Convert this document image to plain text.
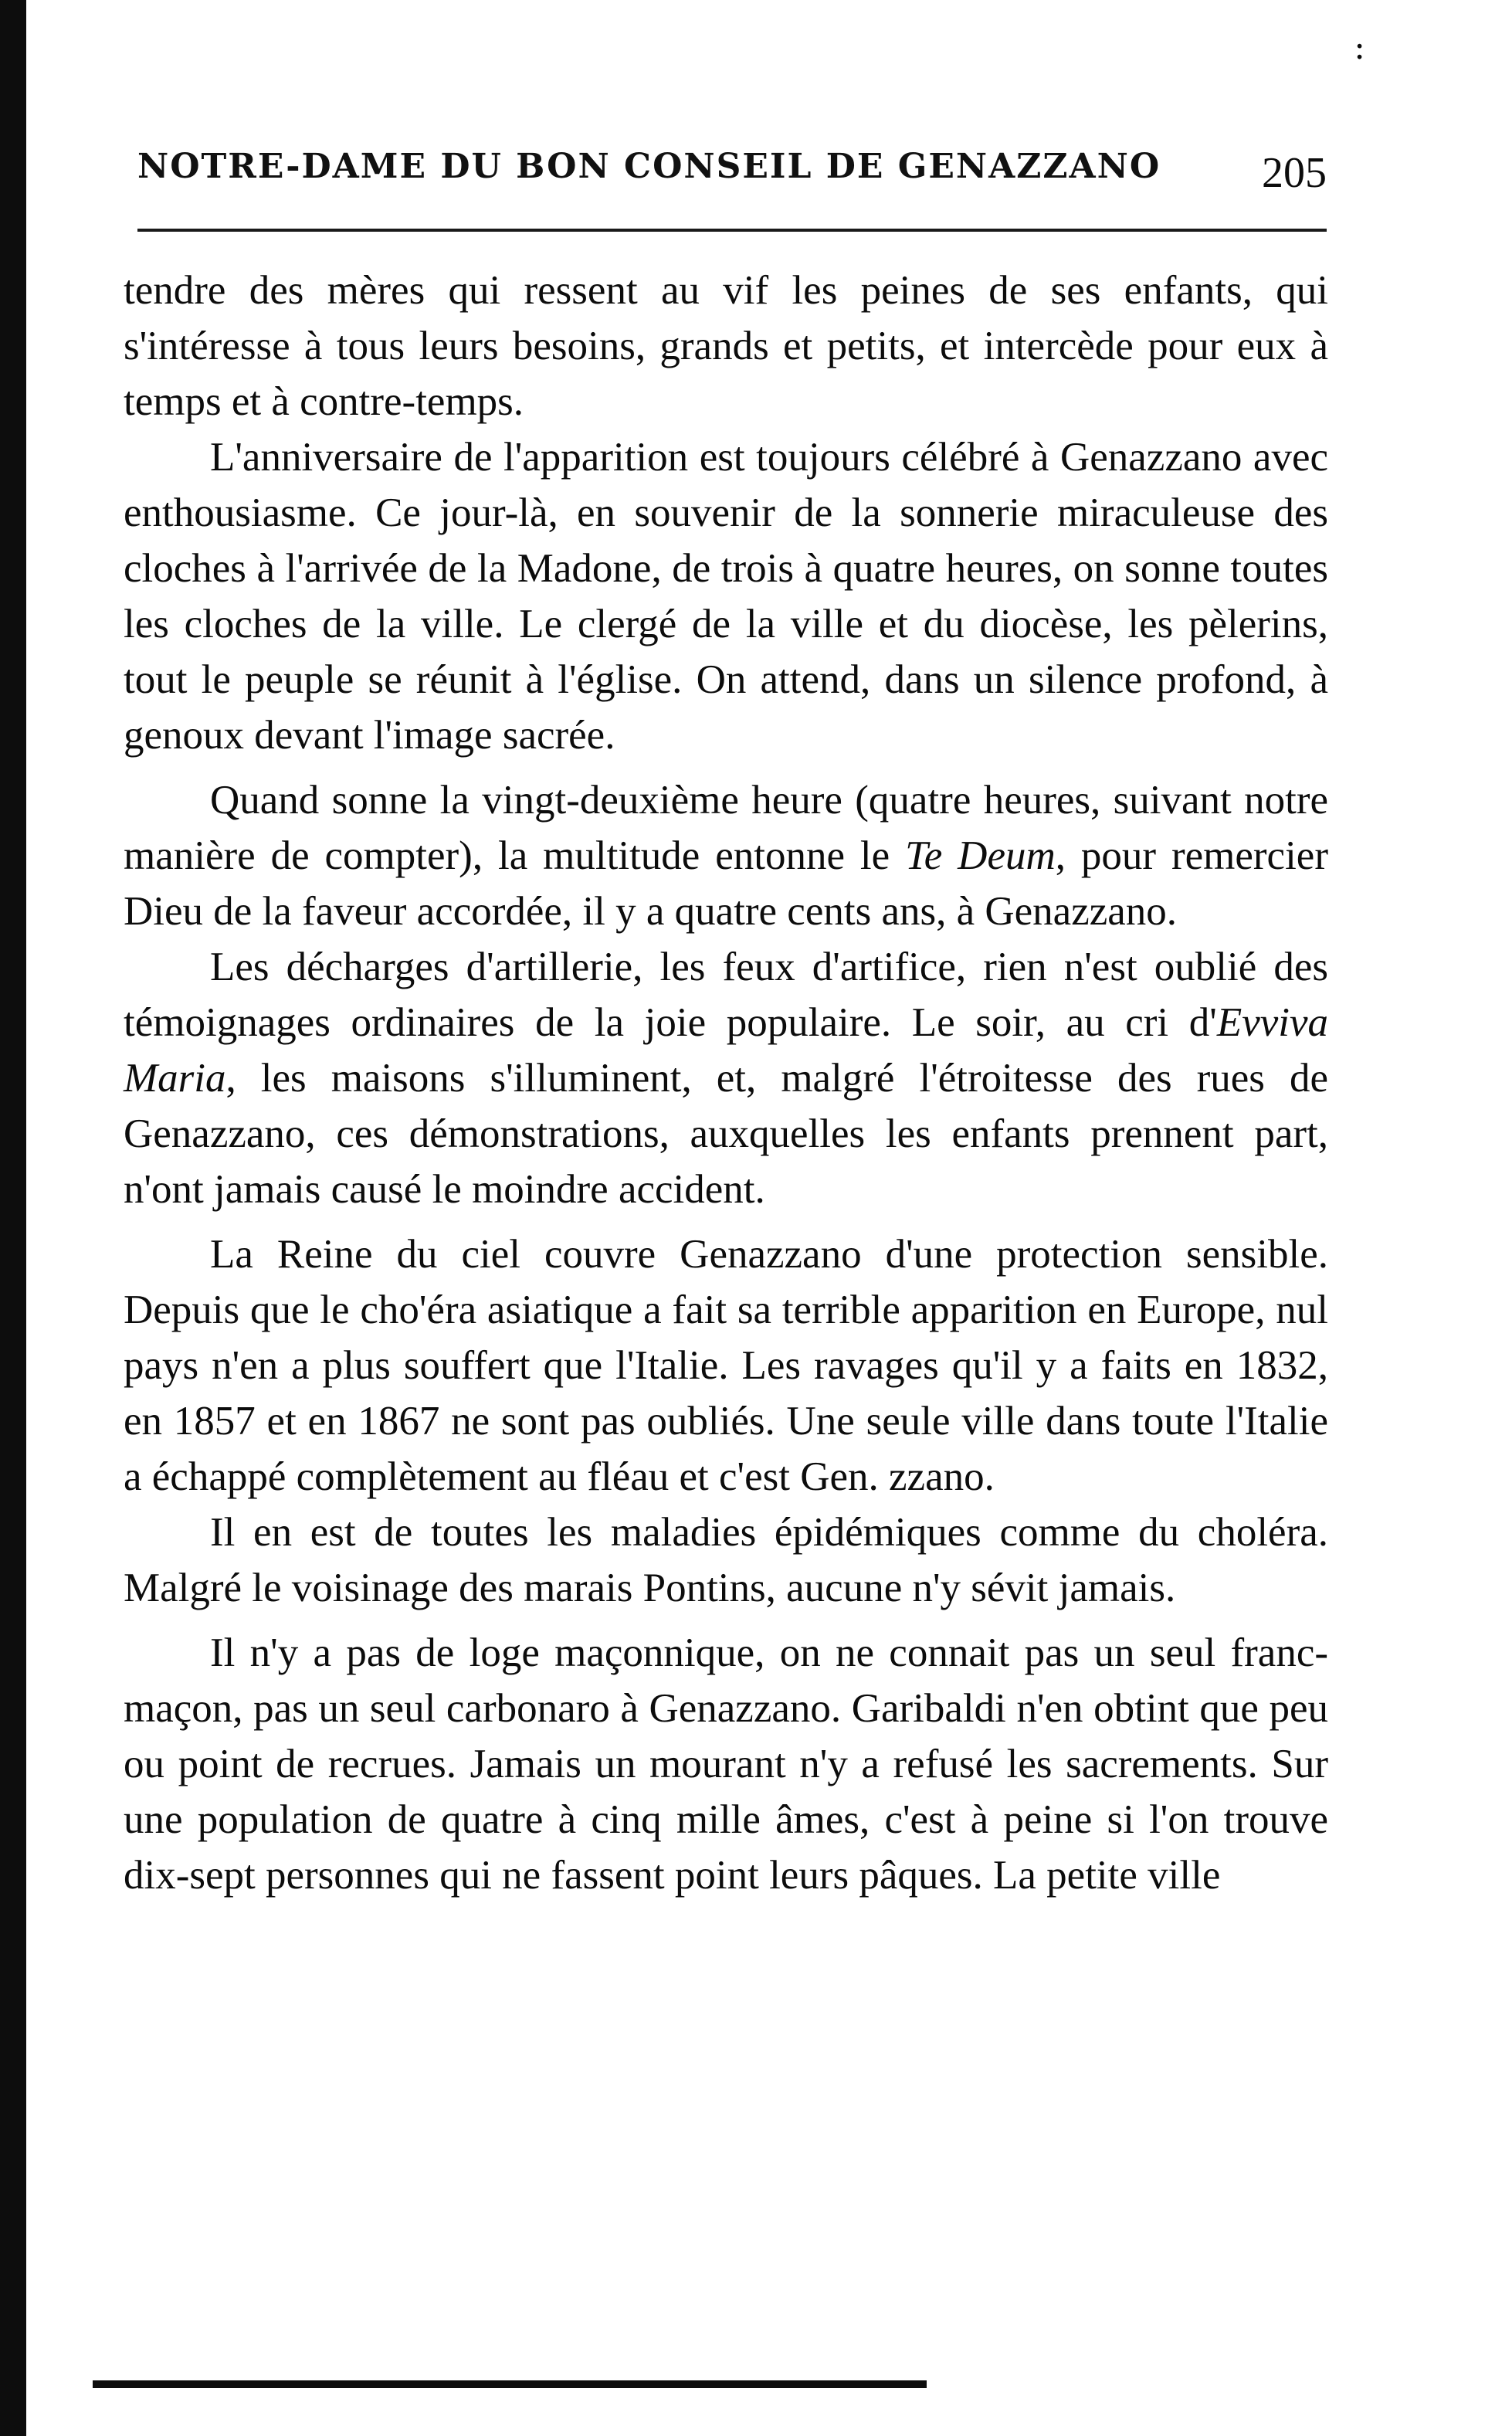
:
NOTRE-DAME DU BON CONSEIL DE GENAZZANO	205

tendre des mères qui ressent au vif les peines de ses enfants, qui s'intéresse à tous leurs besoins, grands et petits, et intercède pour eux à temps et à contre-temps.

L'anniversaire de l'apparition est toujours célébré à Genazzano avec enthousiasme. Ce jour-là, en souvenir de la sonnerie miraculeuse des cloches à l'arrivée de la Madone, de trois à quatre heures, on sonne toutes les cloches de la ville. Le clergé de la ville et du diocèse, les pèlerins, tout le peuple se réunit à l'église. On attend, dans un silence profond, à genoux devant l'image sacrée.

Quand sonne la vingt-deuxième heure (quatre heures, suivant notre manière de compter), la multitude entonne le Te Deum, pour remercier Dieu de la faveur accordée, il y a quatre cents ans, à Genazzano.

Les décharges d'artillerie, les feux d'artifice, rien n'est oublié des témoignages ordinaires de la joie populaire. Le soir, au cri d'Evviva Maria, les maisons s'illuminent, et, malgré l'étroitesse des rues de Genazzano, ces démonstrations, auxquelles les enfants prennent part, n'ont jamais causé le moindre accident.

La Reine du ciel couvre Genazzano d'une protection sensible. Depuis que le cho'éra asiatique a fait sa terrible apparition en Europe, nul pays n'en a plus souffert que l'Italie. Les ravages qu'il y a faits en 1832, en 1857 et en 1867 ne sont pas oubliés. Une seule ville dans toute l'Italie a échappé complètement au fléau et c'est Gen. zzano.

Il en est de toutes les maladies épidémiques comme du choléra. Malgré le voisinage des marais Pontins, aucune n'y sévit jamais.

Il n'y a pas de loge maçonnique, on ne connait pas un seul franc-maçon, pas un seul carbonaro à Genazzano. Garibaldi n'en obtint que peu ou point de recrues. Jamais un mourant n'y a refusé les sacrements. Sur une population de quatre à cinq mille âmes, c'est à peine si l'on trouve dix-sept personnes qui ne fassent point leurs pâques. La petite ville
